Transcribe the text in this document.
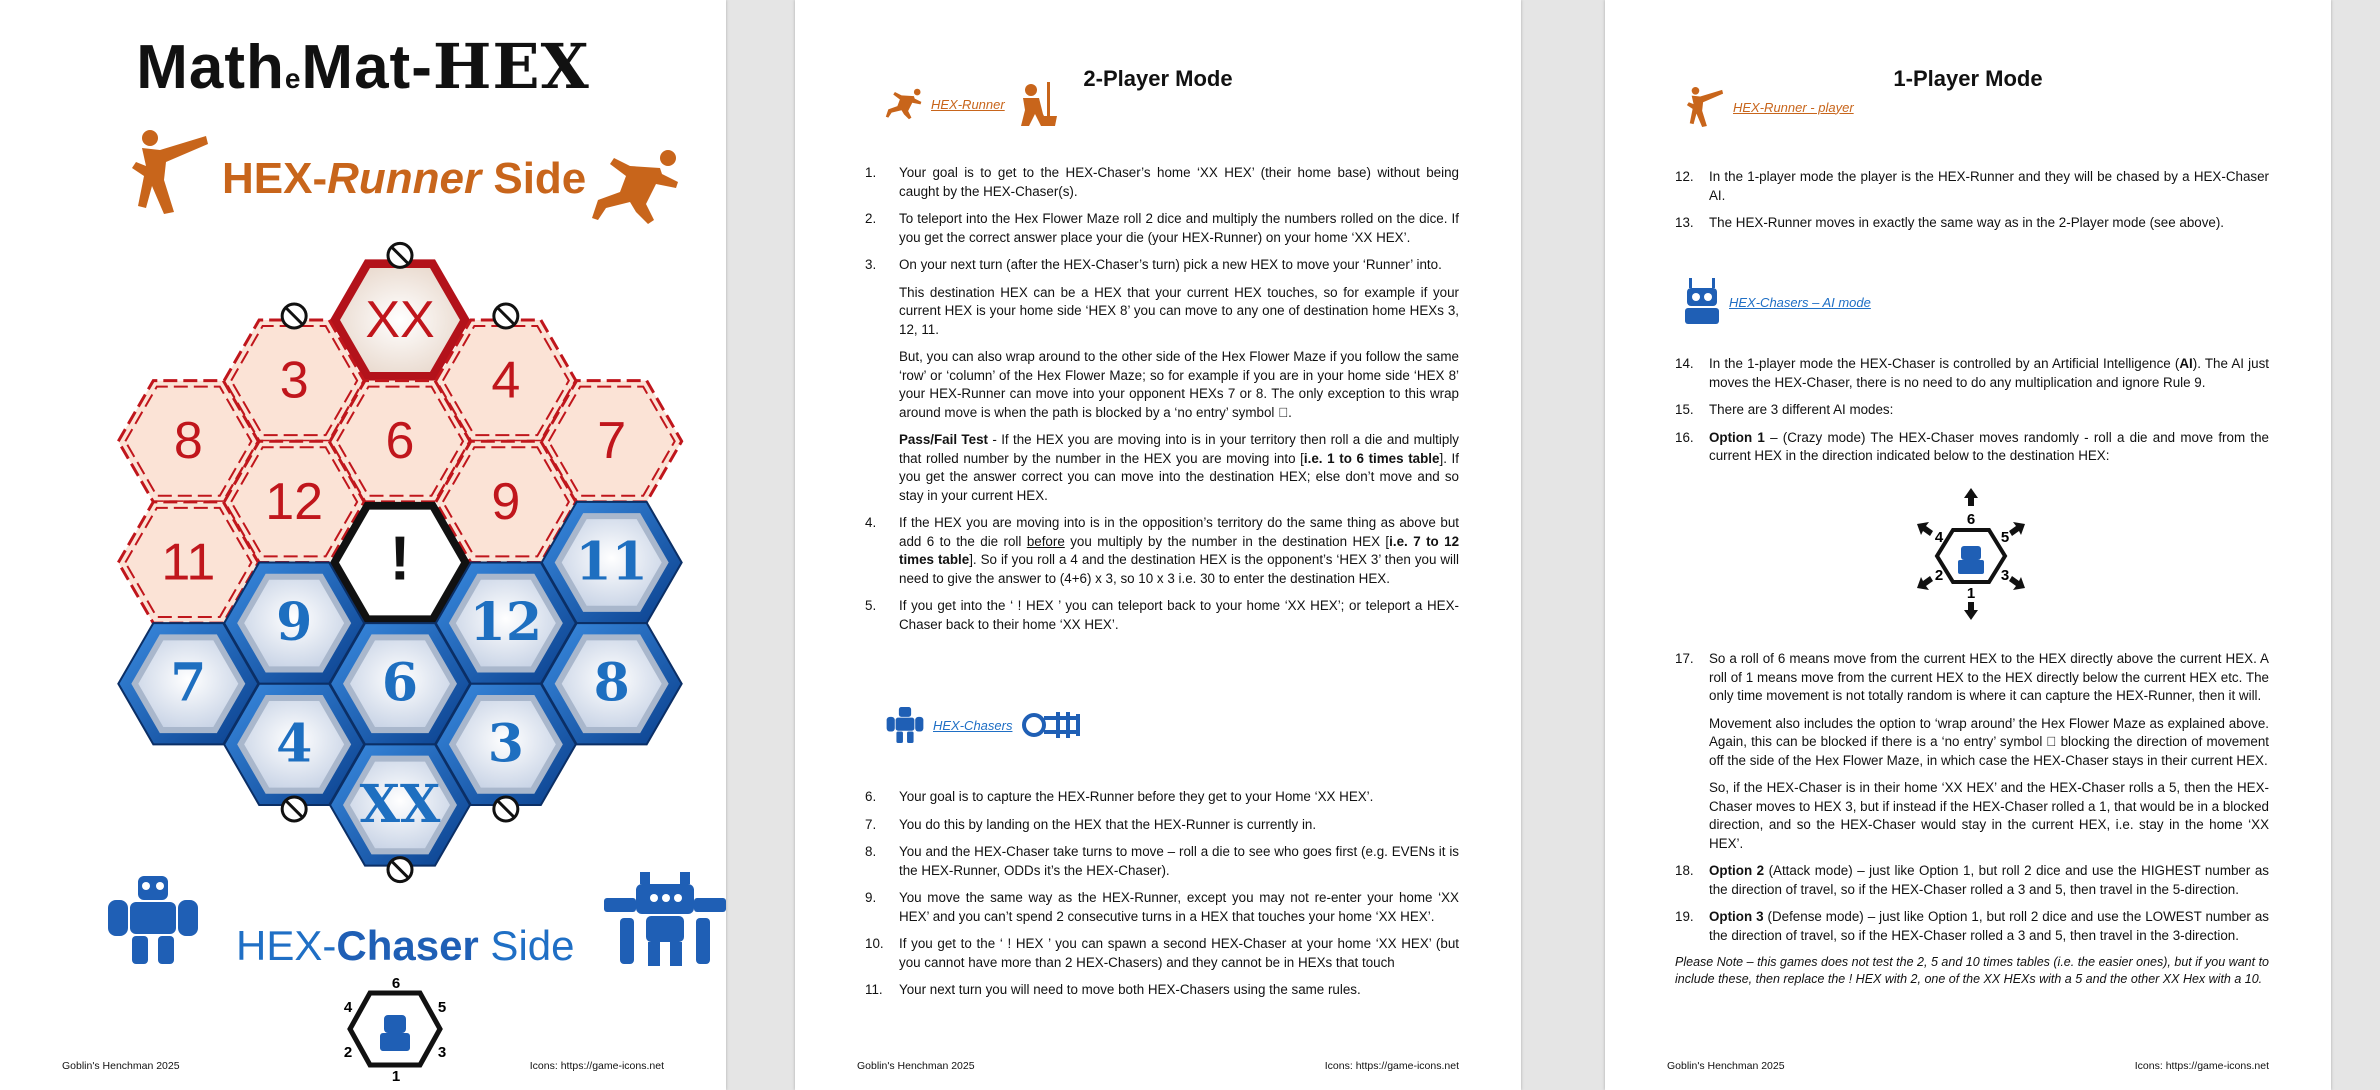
MatheMat-HEX
HEX-Runner Side
XX
3	4
8	6	7
12	9
11	!	11
9	12
7	6	8
4	3
XX
HEX-Chaser Side
6
4	5
2	3
1
Goblin's Henchman 2025	Icons: https://game-icons.net
2-Player Mode
HEX-Runner
1.	Your goal is to get to the HEX-Chaser’s home ‘XX HEX’ (their home base) without being caught by the HEX-Chaser(s).
2.	To teleport into the Hex Flower Maze roll 2 dice and multiply the numbers rolled on the dice. If you get the correct answer place your die (your HEX-Runner) on your home ‘XX HEX’.
3.	On your next turn (after the HEX-Chaser’s turn) pick a new HEX to move your ‘Runner’ into.
This destination HEX can be a HEX that your current HEX touches, so for example if your current HEX is your home side ‘HEX 8’ you can move to any one of destination home HEXs 3, 12, 11.
But, you can also wrap around to the other side of the Hex Flower Maze if you follow the same ‘row’ or ‘column’ of the Hex Flower Maze; so for example if you are in your home side ‘HEX 8’ your HEX-Runner can move into your opponent HEXs 7 or 8. The only exception to this wrap around move is when the path is blocked by a ‘no entry’ symbol ⃠.
Pass/Fail Test - If the HEX you are moving into is in your territory then roll a die and multiply that rolled number by the number in the HEX you are moving into [i.e. 1 to 6 times table]. If you get the answer correct you can move into the destination HEX; else don’t move and so stay in your current HEX.
4.	If the HEX you are moving into is in the opposition’s territory do the same thing as above but add 6 to the die roll before you multiply by the number in the destination HEX [i.e. 7 to 12 times table]. So if you roll a 4 and the destination HEX is the opponent’s ‘HEX 3’ then you will need to give the answer to (4+6) x 3, so 10 x 3 i.e. 30 to enter the destination HEX.
5.	If you get into the ‘ ! HEX ’ you can teleport back to your home ‘XX HEX’; or teleport a HEX-Chaser back to their home ‘XX HEX’.
HEX-Chasers
6.	Your goal is to capture the HEX-Runner before they get to your Home ‘XX HEX’.
7.	You do this by landing on the HEX that the HEX-Runner is currently in.
8.	You and the HEX-Chaser take turns to move – roll a die to see who goes first (e.g. EVENs it is the HEX-Runner, ODDs it’s the HEX-Chaser).
9.	You move the same way as the HEX-Runner, except you may not re-enter your home ‘XX HEX’ and you can’t spend 2 consecutive turns in a HEX that touches your home ‘XX HEX’.
10.	If you get to the ‘ ! HEX ’ you can spawn a second HEX-Chaser at your home ‘XX HEX’ (but you cannot have more than 2 HEX-Chasers) and they cannot be in HEXs that touch
11.	Your next turn you will need to move both HEX-Chasers using the same rules.
Goblin's Henchman 2025	Icons: https://game-icons.net
1-Player Mode
HEX-Runner - player
12.	In the 1-player mode the player is the HEX-Runner and they will be chased by a HEX-Chaser AI.
13.	The HEX-Runner moves in exactly the same way as in the 2-Player mode (see above).
HEX-Chasers – AI mode
14.	In the 1-player mode the HEX-Chaser is controlled by an Artificial Intelligence (AI). The AI just moves the HEX-Chaser, there is no need to do any multiplication and ignore Rule 9.
15.	There are 3 different AI modes:
16.	Option 1 – (Crazy mode) The HEX-Chaser moves randomly - roll a die and move from the current HEX in the direction indicated below to the destination HEX:
6
4	5
2	3
1
17.	So a roll of 6 means move from the current HEX to the HEX directly above the current HEX. A roll of 1 means move from the current HEX to the HEX directly below the current HEX etc. The only time movement is not totally random is where it can capture the HEX-Runner, then it will.
Movement also includes the option to ‘wrap around’ the Hex Flower Maze as explained above. Again, this can be blocked if there is a ‘no entry’ symbol ⃠ blocking the direction of movement off the side of the Hex Flower Maze, in which case the HEX-Chaser stays in their current HEX.
So, if the HEX-Chaser is in their home ‘XX HEX’ and the HEX-Chaser rolls a 5, then the HEX-Chaser moves to HEX 3, but if instead if the HEX-Chaser rolled a 1, that would be in a blocked direction, and so the HEX-Chaser would stay in the current HEX, i.e. stay in the home ‘XX HEX’.
18.	Option 2 (Attack mode) – just like Option 1, but roll 2 dice and use the HIGHEST number as the direction of travel, so if the HEX-Chaser rolled a 3 and 5, then travel in the 5-direction.
19.	Option 3 (Defense mode) – just like Option 1, but roll 2 dice and use the LOWEST number as the direction of travel, so if the HEX-Chaser rolled a 3 and 5, then travel in the 3-direction.
Please Note – this games does not test the 2, 5 and 10 times tables (i.e. the easier ones), but if you want to include these, then replace the ! HEX with 2, one of the XX HEXs with a 5 and the other XX Hex with a 10.
Goblin's Henchman 2025	Icons: https://game-icons.net
